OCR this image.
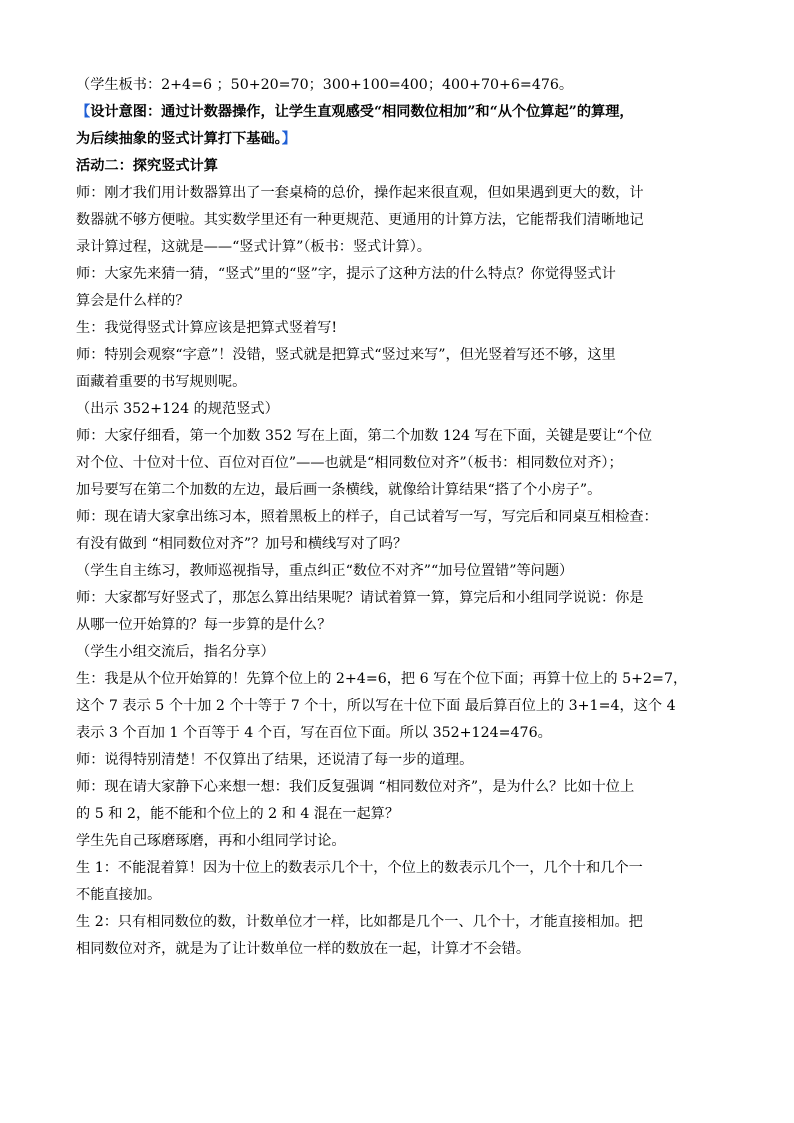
（学生板书：2+4=6 ；50+20=70；300+100=400；400+70+6=476。

【设计意图：通过计数器操作，让学生直观感受“相同数位相加”和“从个位算起”的算理，

为后续抽象的竖式计算打下基础。】

活动二：探究竖式计算

师：刚才我们用计数器算出了一套桌椅的总价，操作起来很直观，但如果遇到更大的数，计

数器就不够方便啦。其实数学里还有一种更规范、更通用的计算方法，它能帮我们清晰地记

录计算过程，这就是——“竖式计算”（板书：竖式计算）。

师：大家先来猜一猜，“竖式”里的“竖”字，提示了这种方法的什么特点？你觉得竖式计

算会是什么样的？

生：我觉得竖式计算应该是把算式竖着写!

师：特别会观察“字意”！没错，竖式就是把算式“竖过来写”，但光竖着写还不够，这里

面藏着重要的书写规则呢。

（出示 352+124 的规范竖式）

师：大家仔细看，第一个加数 352 写在上面，第二个加数 124 写在下面，关键是要让“个位

对个位、十位对十位、百位对百位”——也就是“相同数位对齐”（板书：相同数位对齐）；

加号要写在第二个加数的左边，最后画一条横线，就像给计算结果“搭了个小房子”。

师：现在请大家拿出练习本，照着黑板上的样子，自己试着写一写，写完后和同桌互相检查：

有没有做到 “相同数位对齐”？加号和横线写对了吗？

（学生自主练习，教师巡视指导，重点纠正“数位不对齐”“加号位置错”等问题）

师：大家都写好竖式了，那怎么算出结果呢？请试着算一算，算完后和小组同学说说：你是

从哪一位开始算的？每一步算的是什么？

（学生小组交流后，指名分享）

生：我是从个位开始算的！先算个位上的 2+4=6，把 6 写在个位下面；再算十位上的 5+2=7，

这个 7 表示 5 个十加 2 个十等于 7 个十，所以写在十位下面 最后算百位上的 3+1=4，这个 4

表示 3 个百加 1 个百等于 4 个百，写在百位下面。所以 352+124=476。

师：说得特别清楚！不仅算出了结果，还说清了每一步的道理。

师：现在请大家静下心来想一想：我们反复强调 “相同数位对齐”，是为什么？比如十位上

的 5 和 2，能不能和个位上的 2 和 4 混在一起算？

学生先自己琢磨琢磨，再和小组同学讨论。

生 1：不能混着算！因为十位上的数表示几个十，个位上的数表示几个一，几个十和几个一

不能直接加。

生 2：只有相同数位的数，计数单位才一样，比如都是几个一、几个十，才能直接相加。把

相同数位对齐，就是为了让计数单位一样的数放在一起，计算才不会错。
